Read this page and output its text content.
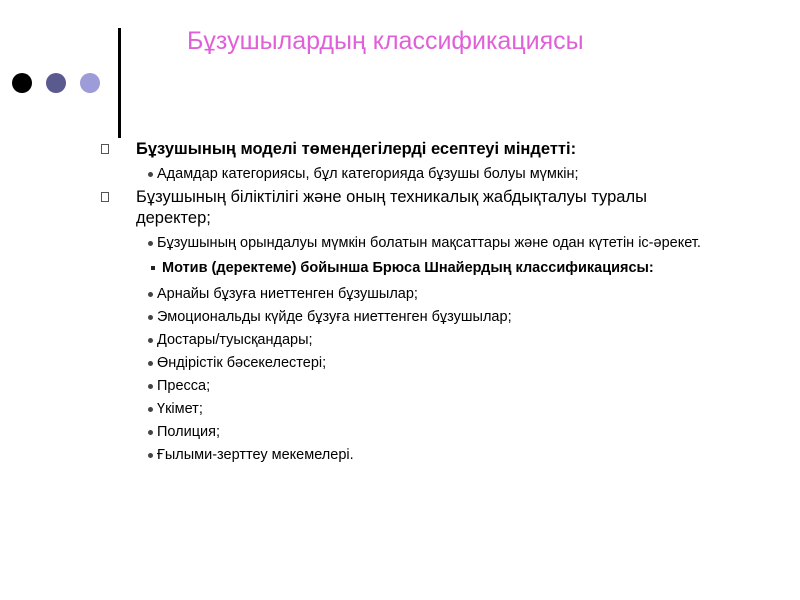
Бұзушылардың классификациясы
Бұзушының моделі төмендегілерді есептеуі міндетті:
Адамдар категориясы, бұл категорияда бұзушы болуы мүмкін;
Бұзушының біліктілігі және оның техникалық жабдықталуы туралы деректер;
Бұзушының орындалуы мүмкін болатын мақсаттары және одан күтетін іс-әрекет.
Мотив (деректеме) бойынша Брюса Шнайердың классификациясы:
Арнайы бұзуға ниеттенген бұзушылар;
Эмоциональды күйде бұзуға ниеттенген бұзушылар;
Достары/туысқандары;
Өндірістік бәсекелестері;
Пресса;
Үкімет;
Полиция;
Ғылыми-зерттеу мекемелері.
